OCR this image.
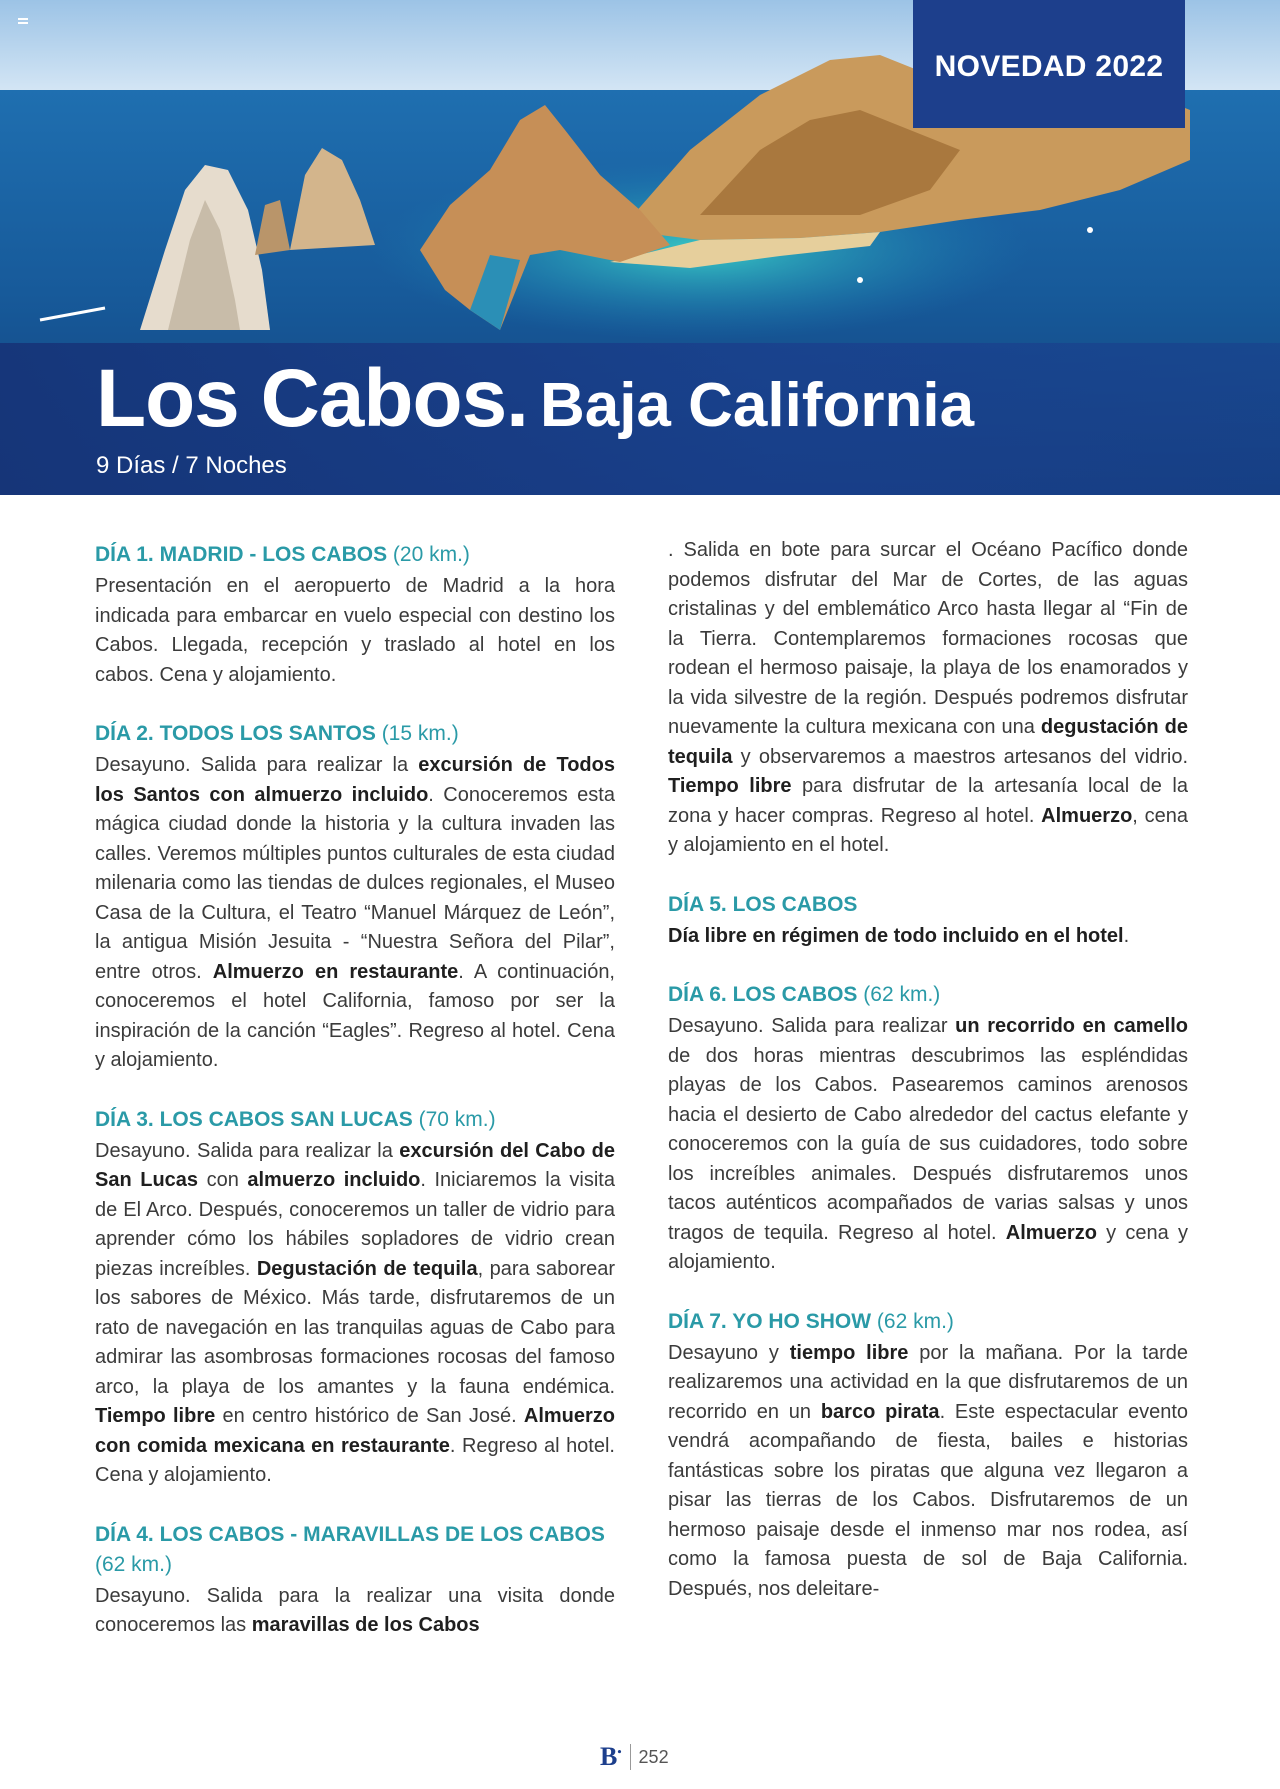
NOVEDAD 2022
Los Cabos. Baja California
9 Días / 7 Noches
DÍA 1. MADRID - LOS CABOS (20 km.)
Presentación en el aeropuerto de Madrid a la hora indicada para embarcar en vuelo especial con destino los Cabos. Llegada, recepción y traslado al hotel en los cabos. Cena y alojamiento.
DÍA 2. TODOS LOS SANTOS (15 km.)
Desayuno. Salida para realizar la excursión de Todos los Santos con almuerzo incluido. Conoceremos esta mágica ciudad donde la historia y la cultura invaden las calles. Veremos múltiples puntos culturales de esta ciudad milenaria como las tiendas de dulces regionales, el Museo Casa de la Cultura, el Teatro “Manuel Márquez de León”, la antigua Misión Jesuita - “Nuestra Señora del Pilar”, entre otros. Almuerzo en restaurante. A continuación, conoceremos el hotel California, famoso por ser la inspiración de la canción “Eagles”. Regreso al hotel. Cena y alojamiento.
DÍA 3. LOS CABOS SAN LUCAS (70 km.)
Desayuno. Salida para realizar la excursión del Cabo de San Lucas con almuerzo incluido. Iniciaremos la visita de El Arco. Después, conoceremos un taller de vidrio para aprender cómo los hábiles sopladores de vidrio crean piezas increíbles. Degustación de tequila, para saborear los sabores de México. Más tarde, disfrutaremos de un rato de navegación en las tranquilas aguas de Cabo para admirar las asombrosas formaciones rocosas del famoso arco, la playa de los amantes y la fauna endémica. Tiempo libre en centro histórico de San José. Almuerzo con comida mexicana en restaurante. Regreso al hotel. Cena y alojamiento.
DÍA 4. LOS CABOS - MARAVILLAS DE LOS CABOS (62 km.)
Desayuno. Salida para la realizar una visita donde conoceremos las maravillas de los Cabos
. Salida en bote para surcar el Océano Pacífico donde podemos disfrutar del Mar de Cortes, de las aguas cristalinas y del emblemático Arco hasta llegar al “Fin de la Tierra. Contemplaremos formaciones rocosas que rodean el hermoso paisaje, la playa de los enamorados y la vida silvestre de la región. Después podremos disfrutar nuevamente la cultura mexicana con una degustación de tequila y observaremos a maestros artesanos del vidrio. Tiempo libre para disfrutar de la artesanía local de la zona y hacer compras. Regreso al hotel. Almuerzo, cena y alojamiento en el hotel.
DÍA 5. LOS CABOS
Día libre en régimen de todo incluido en el hotel.
DÍA 6. LOS CABOS (62 km.)
Desayuno. Salida para realizar un recorrido en camello de dos horas mientras descubrimos las espléndidas playas de los Cabos. Pasearemos caminos arenosos hacia el desierto de Cabo alrededor del cactus elefante y conoceremos con la guía de sus cuidadores, todo sobre los increíbles animales. Después disfrutaremos unos tacos auténticos acompañados de varias salsas y unos tragos de tequila. Regreso al hotel. Almuerzo y cena y alojamiento.
DÍA 7. YO HO SHOW (62 km.)
Desayuno y tiempo libre por la mañana. Por la tarde realizaremos una actividad en la que disfrutaremos de un recorrido en un barco pirata. Este espectacular evento vendrá acompañando de fiesta, bailes e historias fantásticas sobre los piratas que alguna vez llegaron a pisar las tierras de los Cabos. Disfrutaremos de un hermoso paisaje desde el inmenso mar nos rodea, así como la famosa puesta de sol de Baja California. Después, nos deleitare-
B• 252
